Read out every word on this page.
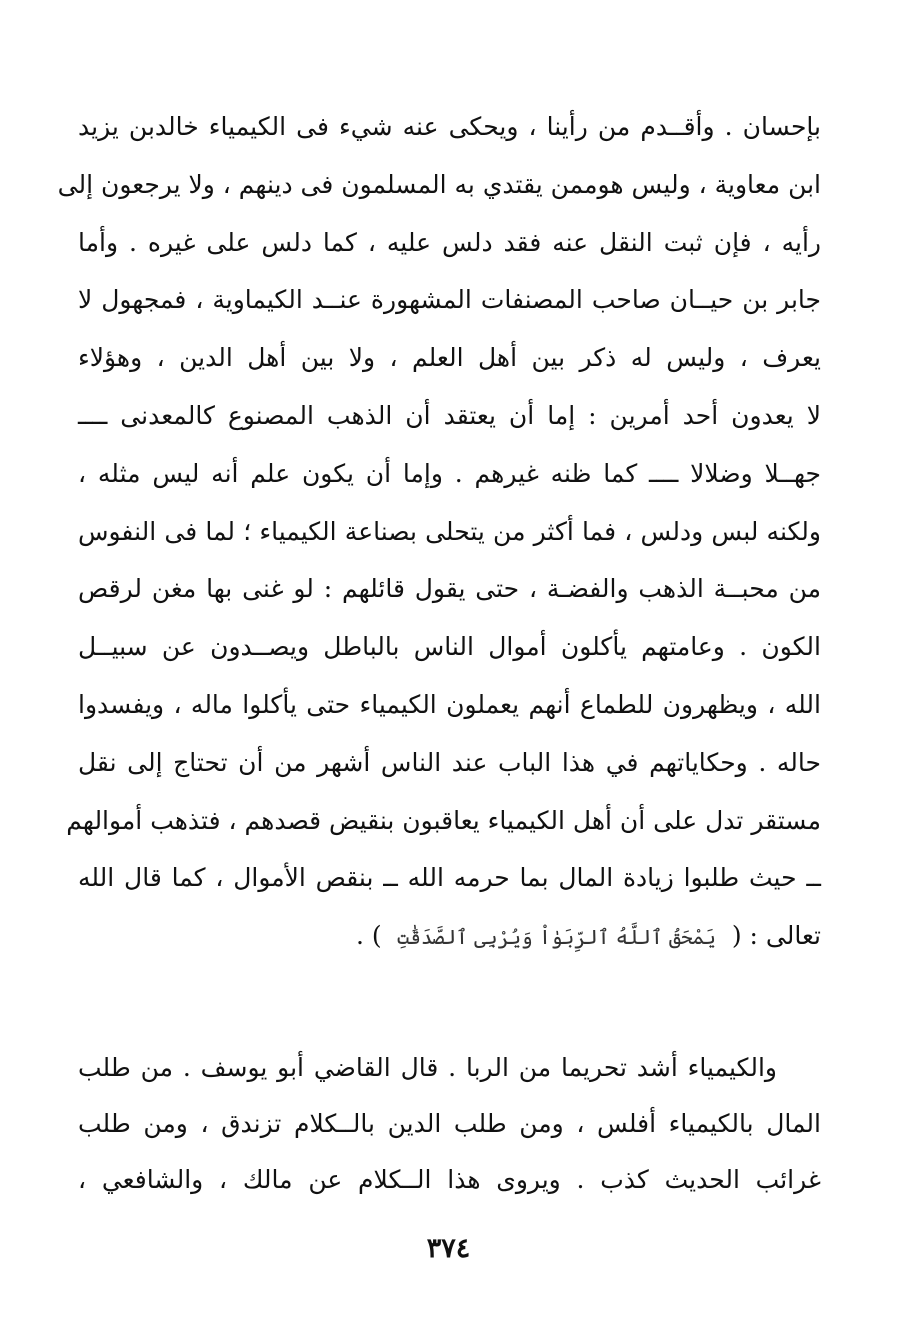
بإحسان . وأقــدم من رأينا ، ويحكى عنه شيء فى الكيمياء خالدبن يزيد
ابن معاوية ، وليس هوممن يقتدي به المسلمون فى دينهم ، ولا يرجعون إلى
رأيه ، فإن ثبت النقل عنه فقد دلس عليه ، كما دلس على غيره . وأما
جابر بن حيــان صاحب المصنفات المشهورة عنــد الكيماوية ، فمجهول لا
يعرف ، وليس له ذكر بين أهل العلم ، ولا بين أهل الدين ، وهؤلاء
لا يعدون أحد أمرين : إما أن يعتقد أن الذهب المصنوع كالمعدنى ــــ
جهــلا وضلالا ــــ كما ظنه غيرهم . وإما أن يكون علم أنه ليس مثله ،
ولكنه لبس ودلس ، فما أكثر من يتحلى بصناعة الكيمياء ؛ لما فى النفوس
من محبــة الذهب والفضـة ، حتى يقول قائلهم : لو غنى بها مغن لرقص
الكون . وعامتهم يأكلون أموال الناس بالباطل ويصــدون عن سبيــل
الله ، ويظهرون للطماع أنهم يعملون الكيمياء حتى يأكلوا ماله ، ويفسدوا
حاله . وحكاياتهم في هذا الباب عند الناس أشهر من أن تحتاج إلى نقل
مستقر تدل على أن أهل الكيمياء يعاقبون بنقيض قصدهم ، فتذهب أموالهم
ــ حيث طلبوا زيادة المال بما حرمه الله ــ بنقص الأموال ، كما قال الله
تعالى : (  يَمْحَقُ ٱللَّهُ ٱلرِّبَوٰاْ وَيُرْبِى ٱلصَّدَقَٰتِ  ) .
والكيمياء أشد تحريما من الربا . قال القاضي أبو يوسف . من طلب
المال بالكيمياء أفلس ، ومن طلب الدين بالــكلام تزندق ، ومن طلب
غرائب الحديث كذب . ويروى هذا الــكلام عن مالك ، والشافعي ،
٣٧٤
